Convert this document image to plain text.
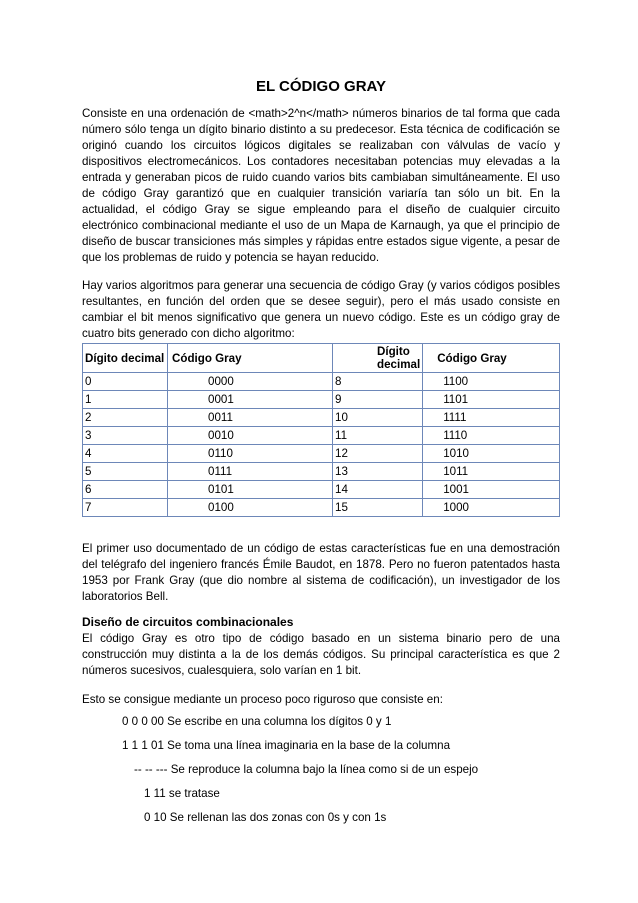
EL CÓDIGO GRAY

Consiste en una ordenación de <math>2^n</math> números binarios de tal forma que cada número sólo tenga un dígito binario distinto a su predecesor. Esta técnica de codificación se originó cuando los circuitos lógicos digitales se realizaban con válvulas de vacío y dispositivos electromecánicos. Los contadores necesitaban potencias muy elevadas a la entrada y generaban picos de ruido cuando varios bits cambiaban simultáneamente. El uso de código Gray garantizó que en cualquier transición variaría tan sólo un bit. En la actualidad, el código Gray se sigue empleando para el diseño de cualquier circuito electrónico combinacional mediante el uso de un Mapa de Karnaugh, ya que el principio de diseño de buscar transiciones más simples y rápidas entre estados sigue vigente, a pesar de que los problemas de ruido y potencia se hayan reducido.

Hay varios algoritmos para generar una secuencia de código Gray (y varios códigos posibles resultantes, en función del orden que se desee seguir), pero el más usado consiste en cambiar el bit menos significativo que genera un nuevo código. Este es un código gray de cuatro bits generado con dicho algoritmo:

Dígito decimal	Código Gray	Dígito decimal	Código Gray
0	0000	8	1100
1	0001	9	1101
2	0011	10	1111
3	0010	11	1110
4	0110	12	1010
5	0111	13	1011
6	0101	14	1001
7	0100	15	1000

El primer uso documentado de un código de estas características fue en una demostración del telégrafo del ingeniero francés Émile Baudot, en 1878. Pero no fueron patentados hasta 1953 por Frank Gray (que dio nombre al sistema de codificación), un investigador de los laboratorios Bell.

Diseño de circuitos combinacionales

El código Gray es otro tipo de código basado en un sistema binario pero de una construcción muy distinta a la de los demás códigos. Su principal característica es que 2 números sucesivos, cualesquiera, solo varían en 1 bit.

Esto se consigue mediante un proceso poco riguroso que consiste en:

0 0 0 00 Se escribe en una columna los dígitos 0 y 1
1 1 1 01 Se toma una línea imaginaria en la base de la columna
-- -- --- Se reproduce la columna bajo la línea como si de un espejo
1 11 se tratase
0 10 Se rellenan las dos zonas con 0s y con 1s
